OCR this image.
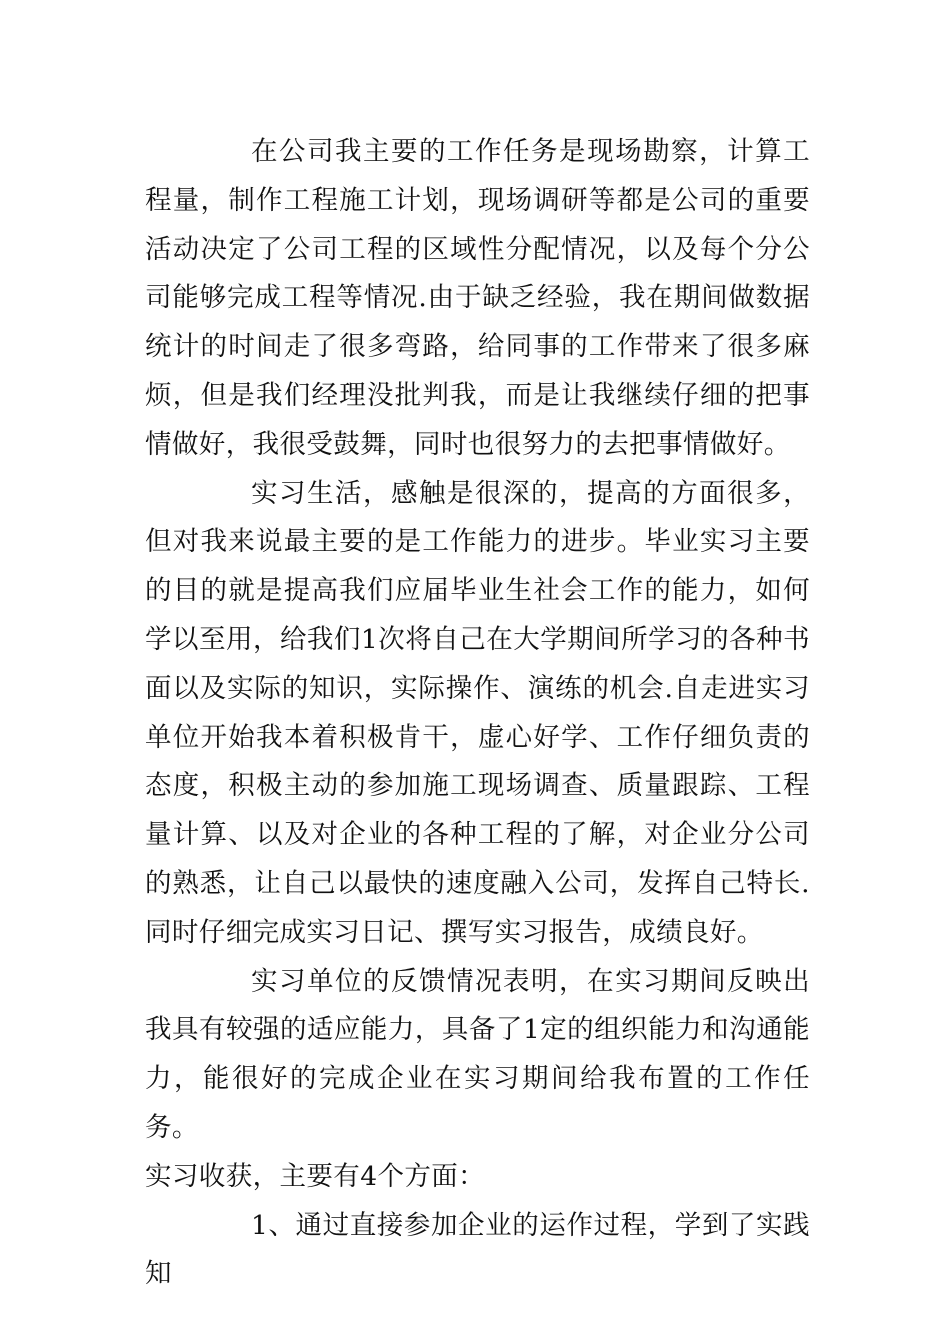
在公司我主要的工作任务是现场勘察，计算工程量，制作工程施工计划，现场调研等都是公司的重要活动决定了公司工程的区域性分配情况，以及每个分公司能够完成工程等情况.由于缺乏经验，我在期间做数据统计的时间走了很多弯路，给同事的工作带来了很多麻烦，但是我们经理没批判我，而是让我继续仔细的把事情做好，我很受鼓舞，同时也很努力的去把事情做好。

实习生活，感触是很深的，提高的方面很多，但对我来说最主要的是工作能力的进步。毕业实习主要的目的就是提高我们应届毕业生社会工作的能力，如何学以至用，给我们1次将自己在大学期间所学习的各种书面以及实际的知识，实际操作、演练的机会.自走进实习单位开始我本着积极肯干，虚心好学、工作仔细负责的态度，积极主动的参加施工现场调查、质量跟踪、工程量计算、以及对企业的各种工程的了解，对企业分公司的熟悉，让自己以最快的速度融入公司，发挥自己特长.同时仔细完成实习日记、撰写实习报告，成绩良好。

实习单位的反馈情况表明，在实习期间反映出我具有较强的适应能力，具备了1定的组织能力和沟通能力，能很好的完成企业在实习期间给我布置的工作任务。

实习收获，主要有4个方面：

1、通过直接参加企业的运作过程，学到了实践知
